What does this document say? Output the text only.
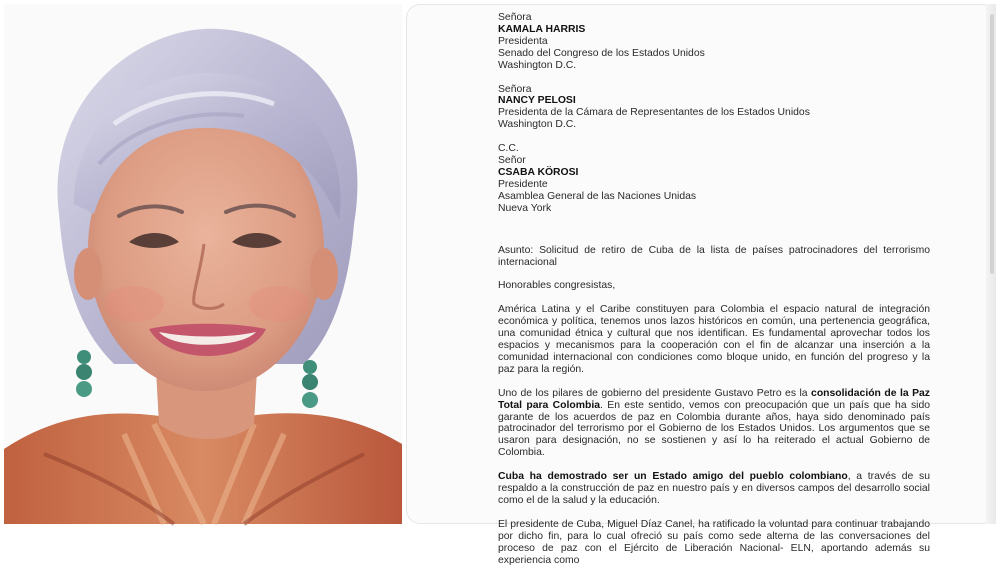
Señora
KAMALA HARRIS
Presidenta
Senado del Congreso de los Estados Unidos
Washington D.C.
Señora
NANCY PELOSI
Presidenta de la Cámara de Representantes de los Estados Unidos
Washington D.C.
C.C.
Señor
CSABA KÖROSI
Presidente
Asamblea General de las Naciones Unidas
Nueva York

Asunto: Solicitud de retiro de Cuba de la lista de países patrocinadores del terrorismo internacional

Honorables congresistas,

América Latina y el Caribe constituyen para Colombia el espacio natural de integración económica y política, tenemos unos lazos históricos en común, una pertenencia geográfica, una comunidad étnica y cultural que nos identifican. Es fundamental aprovechar todos los espacios y mecanismos para la cooperación con el fin de alcanzar una inserción a la comunidad internacional con condiciones como bloque unido, en función del progreso y la paz para la región.

Uno de los pilares de gobierno del presidente Gustavo Petro es la consolidación de la Paz Total para Colombia. En este sentido, vemos con preocupación que un país que ha sido garante de los acuerdos de paz en Colombia durante años, haya sido denominado país patrocinador del terrorismo por el Gobierno de los Estados Unidos. Los argumentos que se usaron para designación, no se sostienen y así lo ha reiterado el actual Gobierno de Colombia.

Cuba ha demostrado ser un Estado amigo del pueblo colombiano, a través de su respaldo a la construcción de paz en nuestro país y en diversos campos del desarrollo social como el de la salud y la educación.

El presidente de Cuba, Miguel Díaz Canel, ha ratificado la voluntad para continuar trabajando por dicho fin, para lo cual ofreció su país como sede alterna de las conversaciones del proceso de paz con el Ejército de Liberación Nacional- ELN, aportando además su experiencia como
